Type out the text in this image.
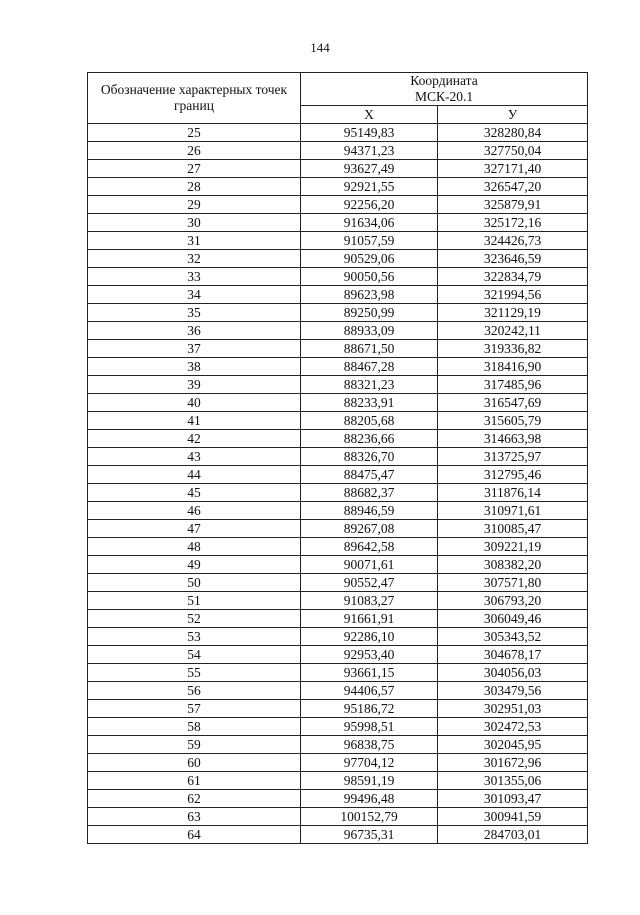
144
Обозначение характерных точек границ	Координата
МСК-20.1	
	Х	У
25	95149,83	328280,84
26	94371,23	327750,04
27	93627,49	327171,40
28	92921,55	326547,20
29	92256,20	325879,91
30	91634,06	325172,16
31	91057,59	324426,73
32	90529,06	323646,59
33	90050,56	322834,79
34	89623,98	321994,56
35	89250,99	321129,19
36	88933,09	320242,11
37	88671,50	319336,82
38	88467,28	318416,90
39	88321,23	317485,96
40	88233,91	316547,69
41	88205,68	315605,79
42	88236,66	314663,98
43	88326,70	313725,97
44	88475,47	312795,46
45	88682,37	311876,14
46	88946,59	310971,61
47	89267,08	310085,47
48	89642,58	309221,19
49	90071,61	308382,20
50	90552,47	307571,80
51	91083,27	306793,20
52	91661,91	306049,46
53	92286,10	305343,52
54	92953,40	304678,17
55	93661,15	304056,03
56	94406,57	303479,56
57	95186,72	302951,03
58	95998,51	302472,53
59	96838,75	302045,95
60	97704,12	301672,96
61	98591,19	301355,06
62	99496,48	301093,47
63	100152,79	300941,59
64	96735,31	284703,01
